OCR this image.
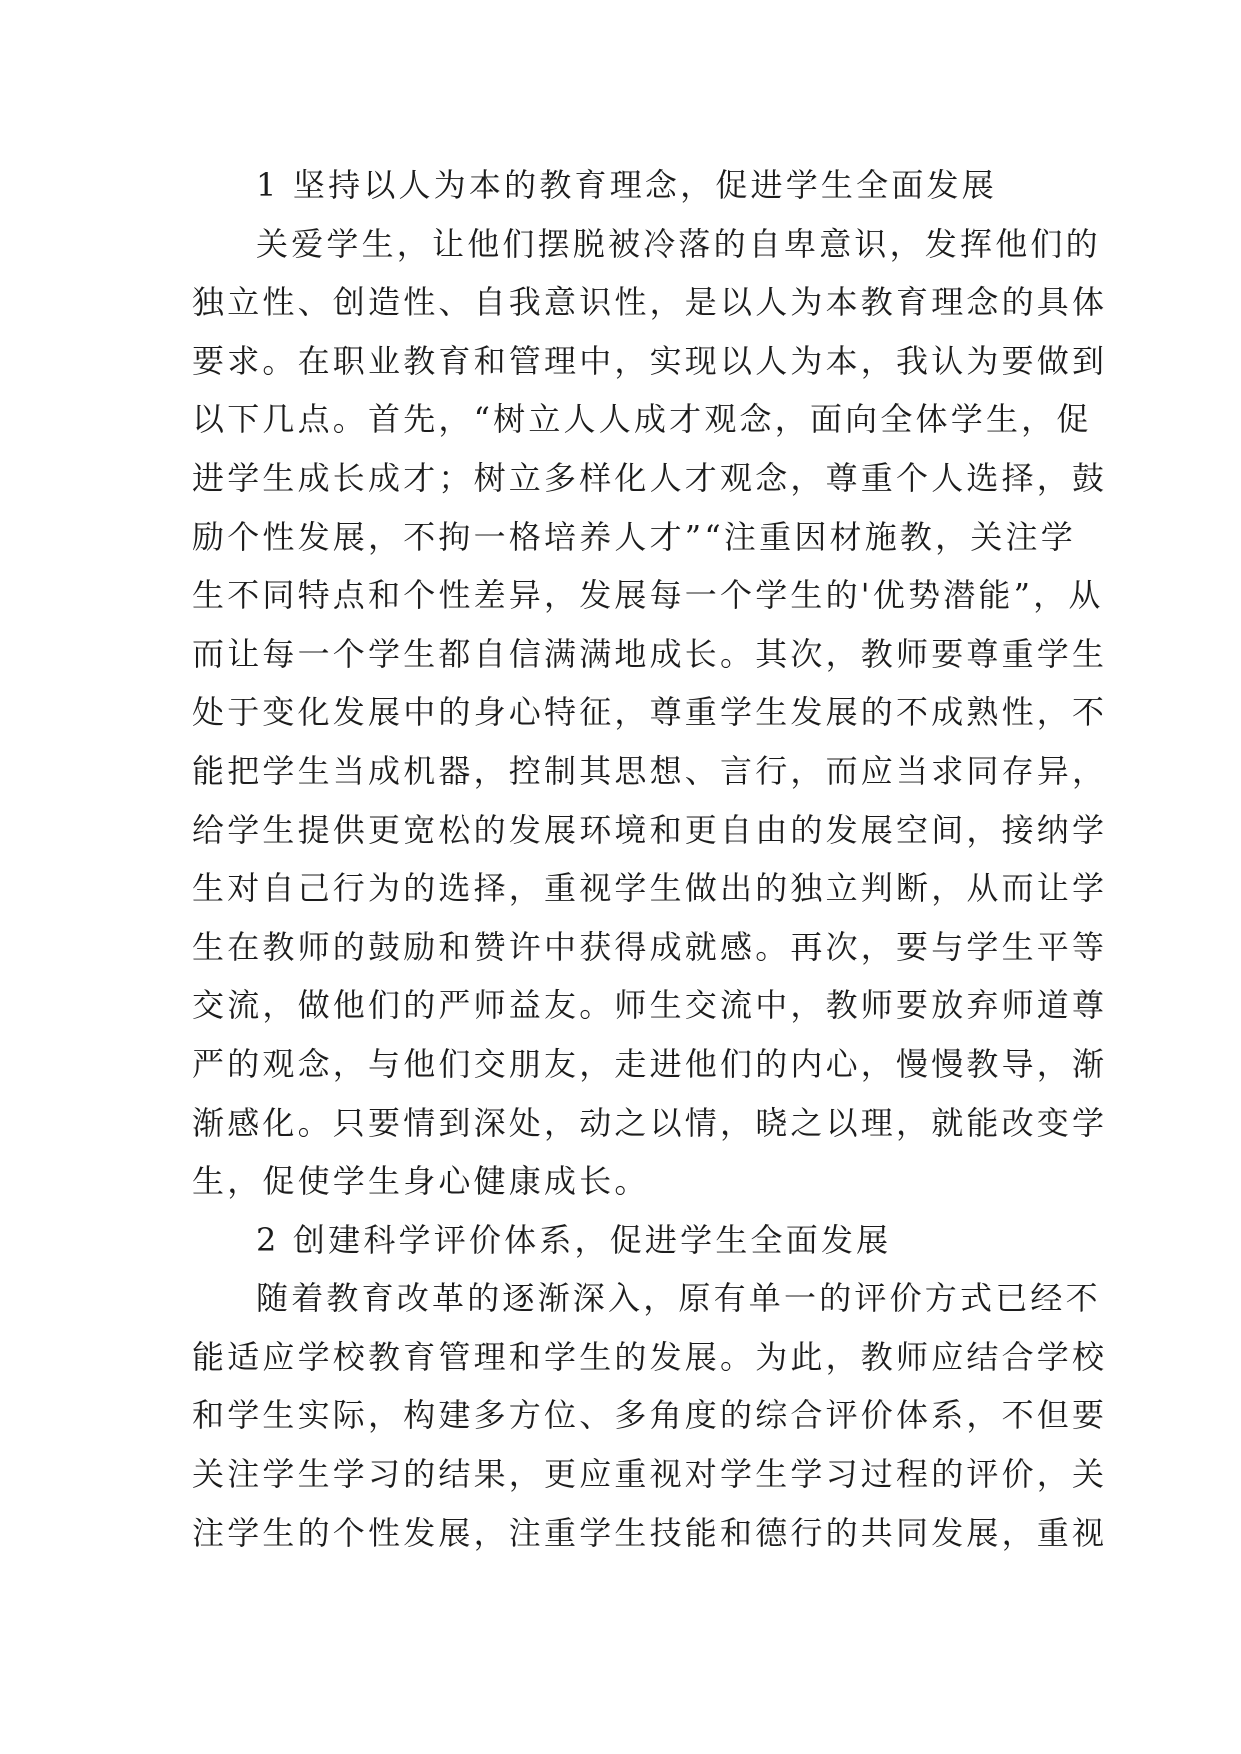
1 坚持以人为本的教育理念，促进学生全面发展
关爱学生，让他们摆脱被冷落的自卑意识，发挥他们的
独立性、创造性、自我意识性，是以人为本教育理念的具体
要求。在职业教育和管理中，实现以人为本，我认为要做到
以下几点。首先，“树立人人成才观念，面向全体学生，促
进学生成长成才；树立多样化人才观念，尊重个人选择，鼓
励个性发展，不拘一格培养人才”“注重因材施教，关注学
生不同特点和个性差异，发展每一个学生的'优势潜能”，从
而让每一个学生都自信满满地成长。其次，教师要尊重学生
处于变化发展中的身心特征，尊重学生发展的不成熟性，不
能把学生当成机器，控制其思想、言行，而应当求同存异，
给学生提供更宽松的发展环境和更自由的发展空间，接纳学
生对自己行为的选择，重视学生做出的独立判断，从而让学
生在教师的鼓励和赞许中获得成就感。再次，要与学生平等
交流，做他们的严师益友。师生交流中，教师要放弃师道尊
严的观念，与他们交朋友，走进他们的内心，慢慢教导，渐
渐感化。只要情到深处，动之以情，晓之以理，就能改变学
生，促使学生身心健康成长。
2 创建科学评价体系，促进学生全面发展
随着教育改革的逐渐深入，原有单一的评价方式已经不
能适应学校教育管理和学生的发展。为此，教师应结合学校
和学生实际，构建多方位、多角度的综合评价体系，不但要
关注学生学习的结果，更应重视对学生学习过程的评价，关
注学生的个性发展，注重学生技能和德行的共同发展，重视
